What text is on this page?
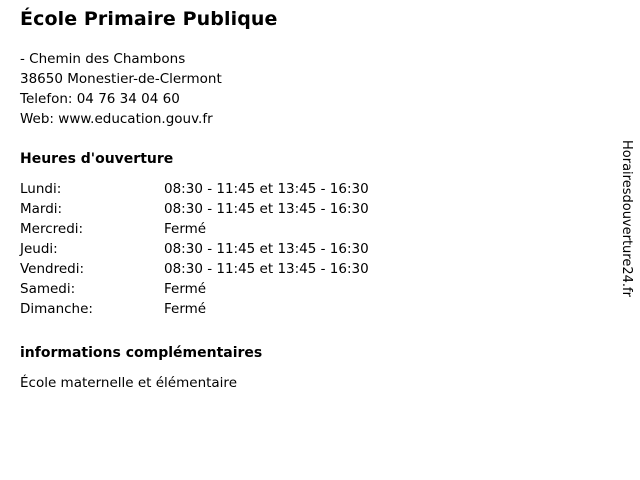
École Primaire Publique
- Chemin des Chambons
38650 Monestier-de-Clermont
Telefon: 04 76 34 04 60
Web: www.education.gouv.fr
Heures d'ouverture
Lundi:	08:30 - 11:45 et 13:45 - 16:30
Mardi:	08:30 - 11:45 et 13:45 - 16:30
Mercredi:	Fermé
Jeudi:	08:30 - 11:45 et 13:45 - 16:30
Vendredi:	08:30 - 11:45 et 13:45 - 16:30
Samedi:	Fermé
Dimanche:	Fermé
informations complémentaires
École maternelle et élémentaire
Horairesdouverture24.fr
